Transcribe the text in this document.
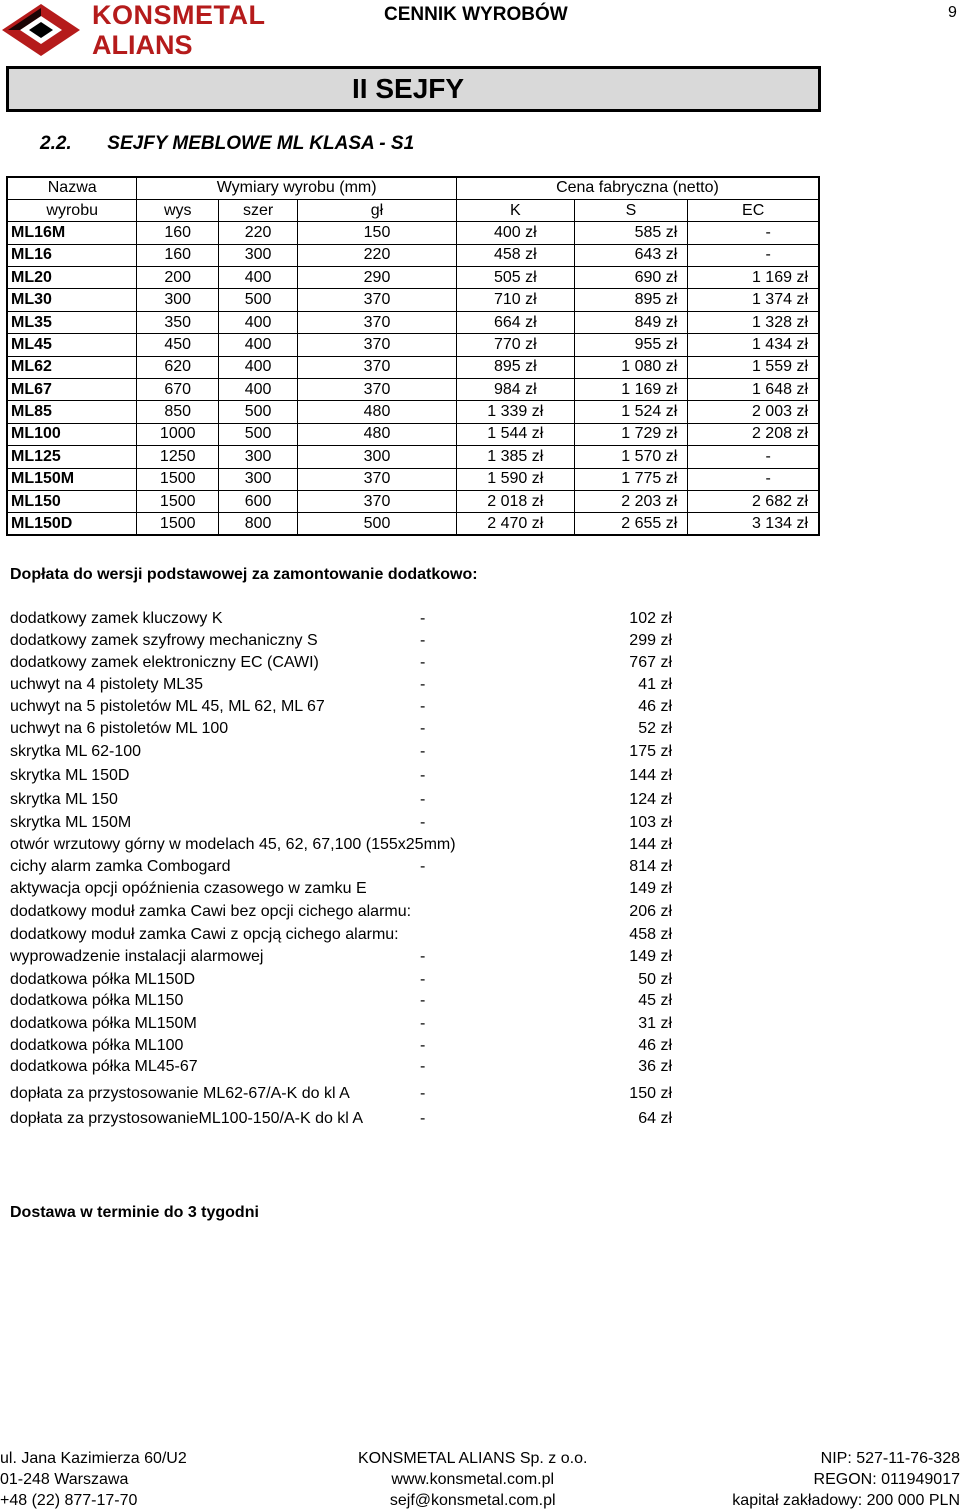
KONSMETAL
ALIANS
CENNIK WYROBÓW	9
II SEJFY
2.2. SEJFY MEBLOWE ML KLASA - S1
Nazwa	Wymiary wyrobu (mm)			Cena fabryczna (netto)		
wyrobu	wys	szer	gł	K	S	EC
ML16M	160	220	150	400 zł	585 zł	-
ML16	160	300	220	458 zł	643 zł	-
ML20	200	400	290	505 zł	690 zł	1 169 zł
ML30	300	500	370	710 zł	895 zł	1 374 zł
ML35	350	400	370	664 zł	849 zł	1 328 zł
ML45	450	400	370	770 zł	955 zł	1 434 zł
ML62	620	400	370	895 zł	1 080 zł	1 559 zł
ML67	670	400	370	984 zł	1 169 zł	1 648 zł
ML85	850	500	480	1 339 zł	1 524 zł	2 003 zł
ML100	1000	500	480	1 544 zł	1 729 zł	2 208 zł
ML125	1250	300	300	1 385 zł	1 570 zł	-
ML150M	1500	300	370	1 590 zł	1 775 zł	-
ML150	1500	600	370	2 018 zł	2 203 zł	2 682 zł
ML150D	1500	800	500	2 470 zł	2 655 zł	3 134 zł
Dopłata do wersji podstawowej za zamontowanie dodatkowo:
dodatkowy zamek kluczowy K	-	102 zł
dodatkowy zamek szyfrowy mechaniczny S	-	299 zł
dodatkowy zamek elektroniczny EC (CAWI)	-	767 zł
uchwyt na 4 pistolety ML35	-	41 zł
uchwyt na 5 pistoletów ML 45, ML 62, ML 67	-	46 zł
uchwyt na 6 pistoletów ML 100	-	52 zł
skrytka ML 62-100	-	175 zł
skrytka ML 150D	-	144 zł
skrytka ML 150	-	124 zł
skrytka ML 150M	-	103 zł
otwór wrzutowy górny w modelach 45, 62, 67,100 (155x25mm)	144 zł
cichy alarm zamka Combogard	-	814 zł
aktywacja opcji opóźnienia czasowego w zamku E	149 zł
dodatkowy moduł zamka Cawi bez opcji cichego alarmu:	206 zł
dodatkowy moduł zamka Cawi z opcją cichego alarmu:	458 zł
wyprowadzenie instalacji alarmowej	-	149 zł
dodatkowa półka ML150D	-	50 zł
dodatkowa półka ML150	-	45 zł
dodatkowa półka ML150M	-	31 zł
dodatkowa półka ML100	-	46 zł
dodatkowa półka ML45-67	-	36 zł
dopłata za przystosowanie ML62-67/A-K do kl A	-	150 zł
dopłata za przystosowanieML100-150/A-K do kl A	-	64 zł
Dostawa w terminie do 3 tygodni
ul. Jana Kazimierza 60/U2
01-248 Warszawa
+48 (22) 877-17-70
KONSMETAL ALIANS Sp. z o.o.
www.konsmetal.com.pl
sejf@konsmetal.com.pl
NIP: 527-11-76-328
REGON: 011949017
kapitał zakładowy: 200 000 PLN
